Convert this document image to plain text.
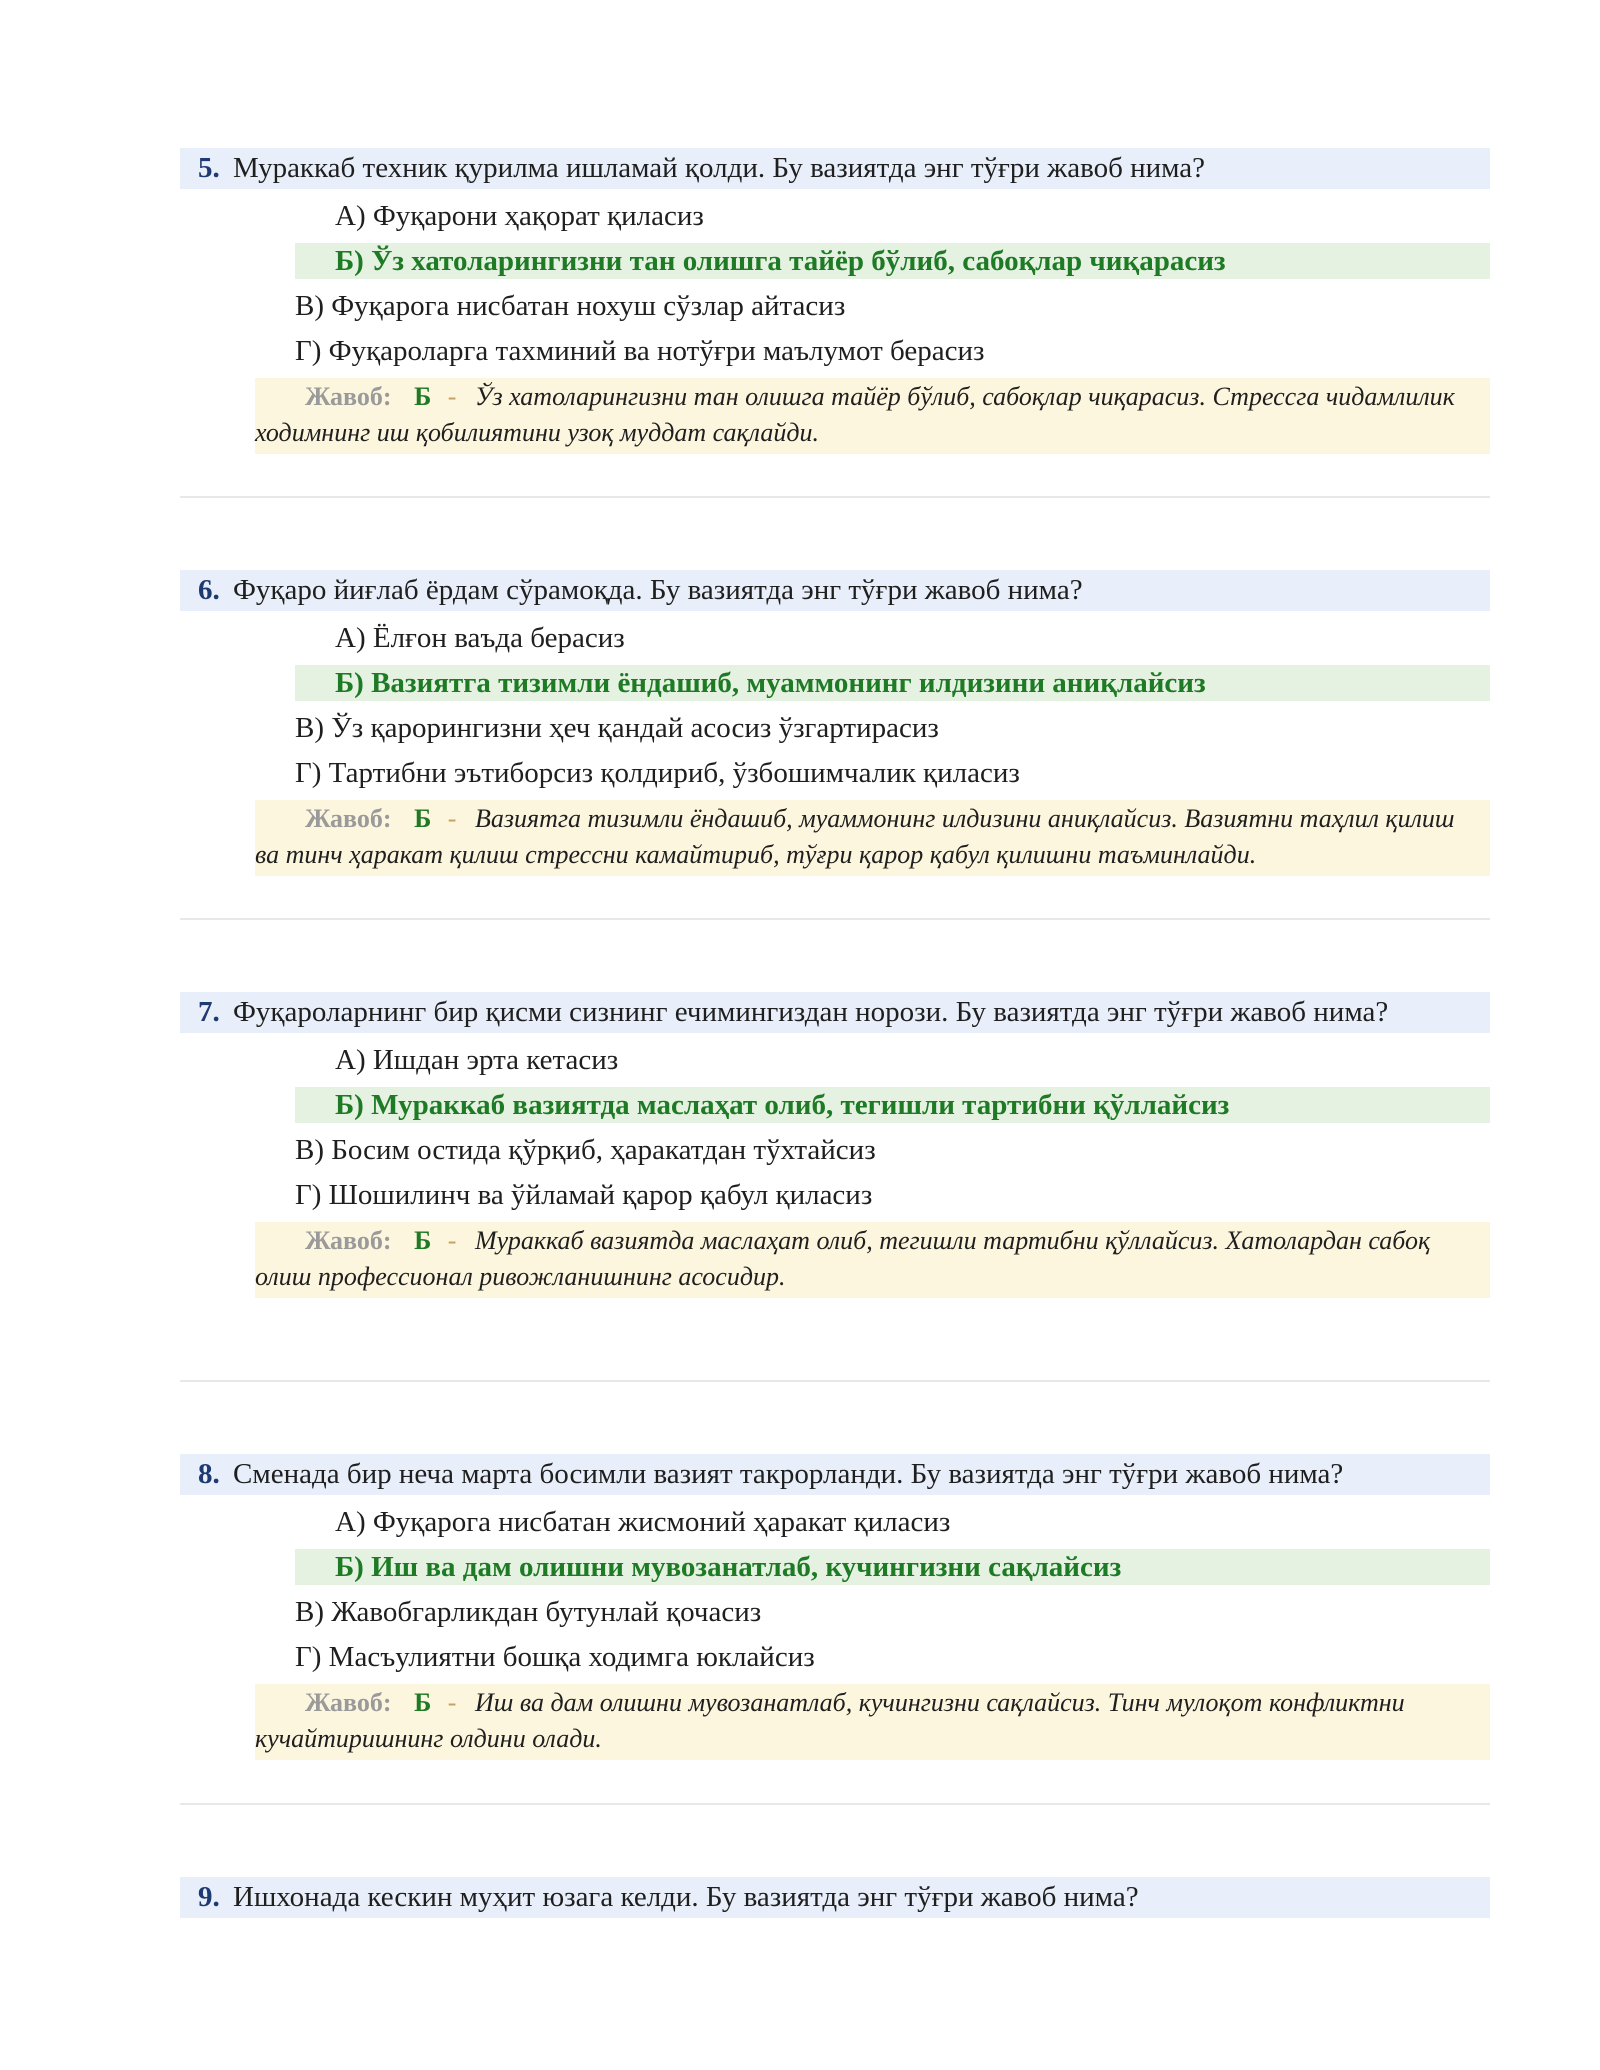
5. Мураккаб техник қурилма ишламай қолди. Бу вазиятда энг тўғри жавоб нима?
А) Фуқарони ҳақорат қиласиз
Б) Ўз хатоларингизни тан олишга тайёр бўлиб, сабоқлар чиқарасиз
В) Фуқарога нисбатан нохуш сўзлар айтасиз
Г) Фуқароларга тахминий ва нотўғри маълумот берасиз
Жавоб: Б - Ўз хатоларингизни тан олишга тайёр бўлиб, сабоқлар чиқарасиз. Стрессга чидамлилик ходимнинг иш қобилиятини узоқ муддат сақлайди.
6. Фуқаро йиғлаб ёрдам сўрамоқда. Бу вазиятда энг тўғри жавоб нима?
А) Ёлғон ваъда берасиз
Б) Вазиятга тизимли ёндашиб, муаммонинг илдизини аниқлайсиз
В) Ўз қарорингизни ҳеч қандай асосиз ўзгартирасиз
Г) Тартибни эътиборсиз қолдириб, ўзбошимчалик қиласиз
Жавоб: Б - Вазиятга тизимли ёндашиб, муаммонинг илдизини аниқлайсиз. Вазиятни таҳлил қилиш ва тинч ҳаракат қилиш стрессни камайтириб, тўғри қарор қабул қилишни таъминлайди.
7. Фуқароларнинг бир қисми сизнинг ечимингиздан норози. Бу вазиятда энг тўғри жавоб нима?
А) Ишдан эрта кетасиз
Б) Мураккаб вазиятда маслаҳат олиб, тегишли тартибни қўллайсиз
В) Босим остида қўрқиб, ҳаракатдан тўхтайсиз
Г) Шошилинч ва ўйламай қарор қабул қиласиз
Жавоб: Б - Мураккаб вазиятда маслаҳат олиб, тегишли тартибни қўллайсиз. Хатолардан сабоқ олиш профессионал ривожланишнинг асосидир.
8. Сменада бир неча марта босимли вазият такрорланди. Бу вазиятда энг тўғри жавоб нима?
А) Фуқарога нисбатан жисмоний ҳаракат қиласиз
Б) Иш ва дам олишни мувозанатлаб, кучингизни сақлайсиз
В) Жавобгарликдан бутунлай қочасиз
Г) Масъулиятни бошқа ходимга юклайсиз
Жавоб: Б - Иш ва дам олишни мувозанатлаб, кучингизни сақлайсиз. Тинч мулоқот конфликтни кучайтиришнинг олдини олади.
9. Ишхонада кескин муҳит юзага келди. Бу вазиятда энг тўғри жавоб нима?
